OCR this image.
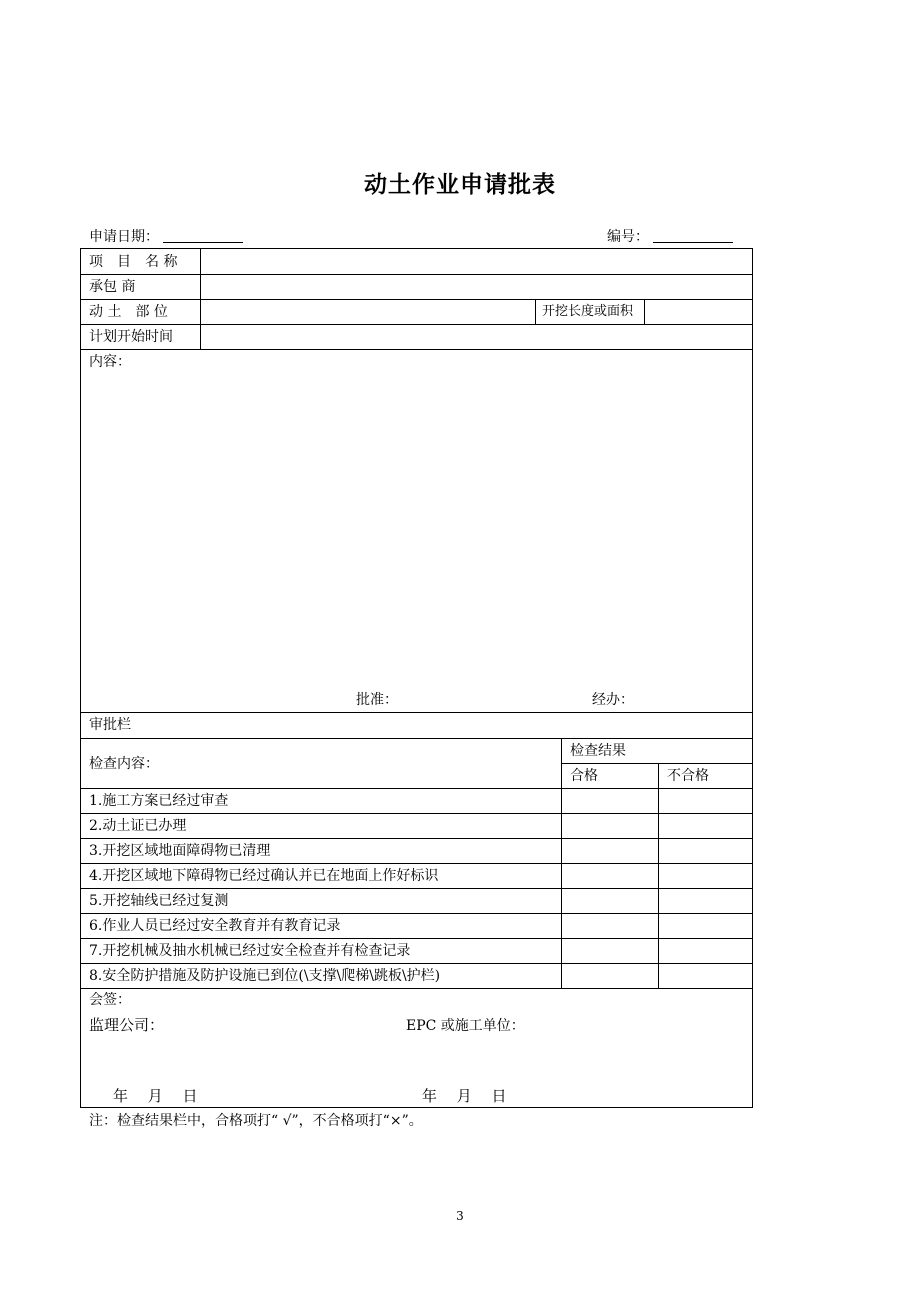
动土作业申请批表
申请日期：	编号：
项　目　名 称
承包 商
动 土　部 位	开挖长度或面积
计划开始时间
内容：
批准：	经办：
审批栏
检查内容：
检查结果
合格	不合格
1.施工方案已经过审查
2.动土证已办理
3.开挖区域地面障碍物已清理
4.开挖区域地下障碍物已经过确认并已在地面上作好标识
5.开挖轴线已经过复测
6.作业人员已经过安全教育并有教育记录
7.开挖机械及抽水机械已经过安全检查并有检查记录
8.安全防护措施及防护设施已到位(\支撑\爬梯\跳板\护栏)
会签：
监理公司：	EPC 或施工单位：
年　 月　 日	年　 月　 日
注：检查结果栏中，合格项打“ √”，不合格项打“×”。
3
